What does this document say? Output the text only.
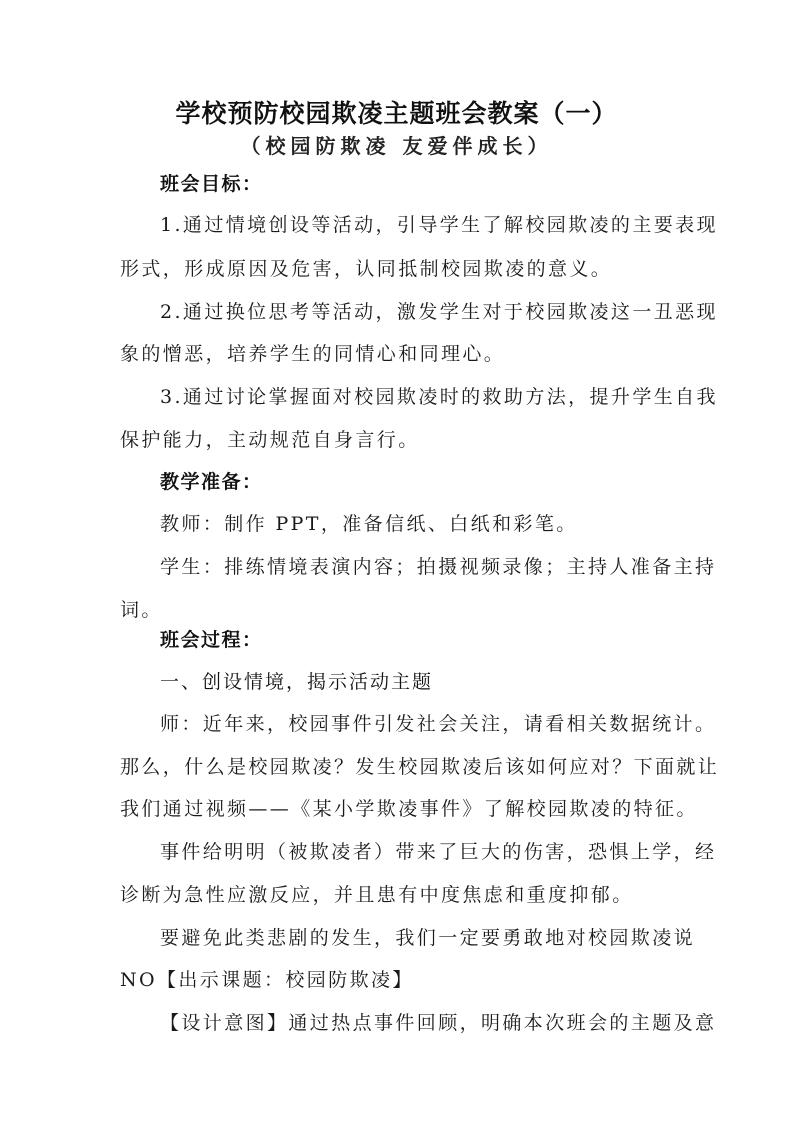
学校预防校园欺凌主题班会教案（一）
（校园防欺凌 友爱伴成长）
班会目标：
1.通过情境创设等活动，引导学生了解校园欺凌的主要表现
形式，形成原因及危害，认同抵制校园欺凌的意义。
2.通过换位思考等活动，激发学生对于校园欺凌这一丑恶现
象的憎恶，培养学生的同情心和同理心。
3.通过讨论掌握面对校园欺凌时的救助方法，提升学生自我
保护能力，主动规范自身言行。
教学准备：
教师：制作 PPT，准备信纸、白纸和彩笔。
学生：排练情境表演内容；拍摄视频录像；主持人准备主持
词。
班会过程：
一、创设情境，揭示活动主题
师：近年来，校园事件引发社会关注，请看相关数据统计。
那么，什么是校园欺凌？发生校园欺凌后该如何应对？下面就让
我们通过视频——《某小学欺凌事件》了解校园欺凌的特征。
事件给明明（被欺凌者）带来了巨大的伤害，恐惧上学，经
诊断为急性应激反应，并且患有中度焦虑和重度抑郁。
要避免此类悲剧的发生，我们一定要勇敢地对校园欺凌说
NO【出示课题：校园防欺凌】
【设计意图】通过热点事件回顾，明确本次班会的主题及意
